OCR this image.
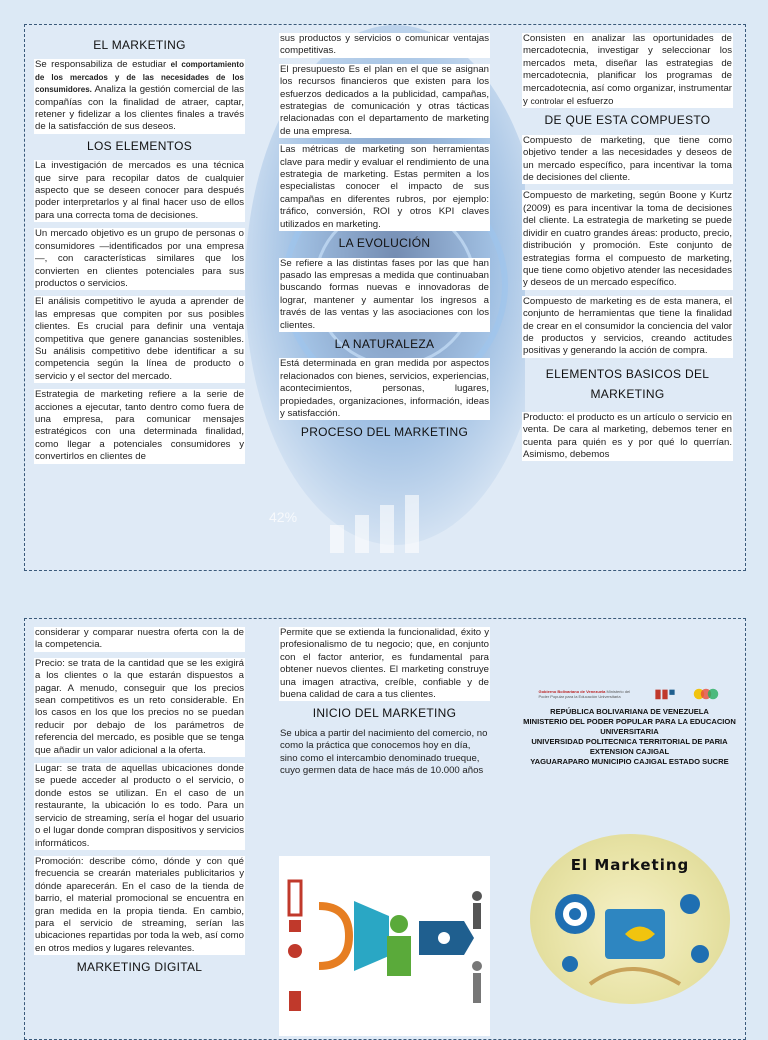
42%
EL MARKETING

Se responsabiliza de estudiar el comportamiento de los mercados y de las necesidades de los consumidores. Analiza la gestión comercial de las compañías con la finalidad de atraer, captar, retener y fidelizar a los clientes finales a través de la satisfacción de sus deseos.

LOS ELEMENTOS

La investigación de mercados es una técnica que sirve para recopilar datos de cualquier aspecto que se deseen conocer para después poder interpretarlos y al final hacer uso de ellos para una correcta toma de decisiones.

Un mercado objetivo es un grupo de personas o consumidores —identificados por una empresa—, con características similares que los convierten en clientes potenciales para sus productos o servicios.

El análisis competitivo le ayuda a aprender de las empresas que compiten por sus posibles clientes. Es crucial para definir una ventaja competitiva que genere ganancias sostenibles. Su análisis competitivo debe identificar a su competencia según la línea de producto o servicio y el sector del mercado.

Estrategia de marketing refiere a la serie de acciones a ejecutar, tanto dentro como fuera de una empresa, para comunicar mensajes estratégicos con una determinada finalidad, como llegar a potenciales consumidores y convertirlos en clientes de

sus productos y servicios o comunicar ventajas competitivas.

El presupuesto Es el plan en el que se asignan los recursos financieros que existen para los esfuerzos dedicados a la publicidad, campañas, estrategias de comunicación y otras tácticas relacionadas con el departamento de marketing de una empresa.

Las métricas de marketing son herramientas clave para medir y evaluar el rendimiento de una estrategia de marketing. Estas permiten a los especialistas conocer el impacto de sus campañas en diferentes rubros, por ejemplo: tráfico, conversión, ROI y otros KPI claves utilizados en marketing.

LA EVOLUCIÓN

Se refiere a las distintas fases por las que han pasado las empresas a medida que continuaban buscando formas nuevas e innovadoras de lograr, mantener y aumentar los ingresos a través de las ventas y las asociaciones con los clientes.

LA NATURALEZA

Está determinada en gran medida por aspectos relacionados con bienes, servicios, experiencias, acontecimientos, personas, lugares, propiedades, organizaciones, información, ideas y satisfacción.

PROCESO DEL MARKETING

Consisten en analizar las oportunidades de mercadotecnia, investigar y seleccionar los mercados meta, diseñar las estrategias de mercadotecnia, planificar los programas de mercadotecnia, así como organizar, instrumentar y controlar el esfuerzo

DE QUE ESTA COMPUESTO

Compuesto de marketing, que tiene como objetivo tender a las necesidades y deseos de un mercado específico, para incentivar la toma de decisiones del cliente.

Compuesto de marketing, según Boone y Kurtz (2009) es para incentivar la toma de decisiones del cliente. La estrategia de marketing se puede dividir en cuatro grandes áreas: producto, precio, distribución y promoción. Este conjunto de estrategias forma el compuesto de marketing, que tiene como objetivo atender las necesidades y deseos de un mercado específico.

Compuesto de marketing es de esta manera, el conjunto de herramientas que tiene la finalidad de crear en el consumidor la conciencia del valor de productos y servicios, creando actitudes positivas y generando la acción de compra.

ELEMENTOS BASICOS DEL MARKETING

Producto: el producto es un artículo o servicio en venta. De cara al marketing, debemos tener en cuenta para quién es y por qué lo querrían. Asimismo, debemos

considerar y comparar nuestra oferta con la de la competencia.

Precio: se trata de la cantidad que se les exigirá a los clientes o la que estarán dispuestos a pagar. A menudo, conseguir que los precios sean competitivos es un reto considerable. En los casos en los que los precios no se puedan reducir por debajo de los parámetros de referencia del mercado, es posible que se tenga que añadir un valor adicional a la oferta.

Lugar: se trata de aquellas ubicaciones donde se puede acceder al producto o el servicio, o donde estos se utilizan. En el caso de un restaurante, la ubicación lo es todo. Para un servicio de streaming, sería el hogar del usuario o el lugar donde compran dispositivos y servicios informáticos.

Promoción: describe cómo, dónde y con qué frecuencia se crearán materiales publicitarios y dónde aparecerán. En el caso de la tienda de barrio, el material promocional se encuentra en gran medida en la propia tienda. En cambio, para el servicio de streaming, serían las ubicaciones repartidas por toda la web, así como en otros medios y lugares relevantes.

MARKETING DIGITAL

Permite que se extienda la funcionalidad, éxito y profesionalismo de tu negocio; que, en conjunto con el factor anterior, es fundamental para obtener nuevos clientes. El marketing construye una imagen atractiva, creíble, confiable y de buena calidad de cara a tus clientes.

INICIO DEL MARKETING

Se ubica a partir del nacimiento del comercio, no como la práctica que conocemos hoy en día, sino como el intercambio denominado trueque, cuyo germen data de hace más de 10.000 años

Gobierno Bolivariano de Venezuela Ministerio del Poder Popular para la Educación Universitaria

REPÚBLICA BOLIVARIANA DE VENEZUELA

MINISTERIO DEL PODER POPULAR PARA LA EDUCACION UNIVERSITARIA

UNIVERSIDAD POLITECNICA TERRITORIAL DE PARIA

EXTENSION CAJIGAL

YAGUARAPARO MUNICIPIO CAJIGAL ESTADO SUCRE

El Marketing
